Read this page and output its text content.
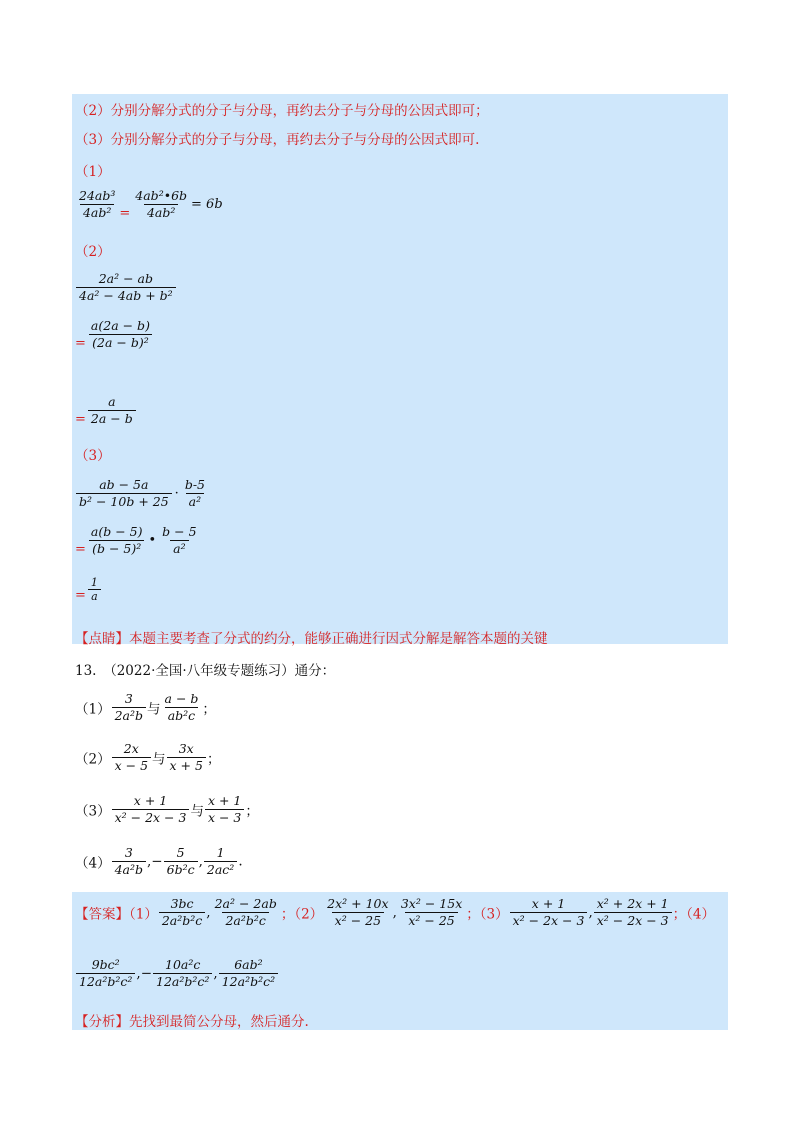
（2）分别分解分式的分子与分母，再约去分子与分母的公因式即可；
（3）分别分解分式的分子与分母，再约去分子与分母的公因式即可.
（1）
$\frac{\text{24ab³}}{\text{4ab²}} = \frac{\text{4ab²•6b}}{\text{4ab²}} = 6b$
（2）
$\frac{\text{2a² − ab}}{\text{4a² − 4ab + b²}}$
= $\frac{a(2a - b)}{\text{(2a − b)²}}$
= $\frac{a}{2a - b}$
（3）
$\frac{ab - 5a}{\text{b² − 10b + 25}} \cdot \frac{b-5}{\text{a²}}$
= $\frac{a(b - 5)}{\text{(b − 5)²}}$ • $\frac{b - 5}{\text{a²}}$
= $\frac{1}{a}$
【点睛】本题主要考查了分式的约分，能够正确进行因式分解是解答本题的关键
13.　（2022·全国·八年级专题练习）通分：
$(1) \frac{3}{\text{2a²b}}$ 与 $\frac{a - b}{\text{ab²c}}$ ；
$(2) \frac{2x}{x - 5}$ 与 $\frac{3x}{x + 5}$ ；
$(3) \frac{x + 1}{\text{x² − 2x − 3}}$ 与 $\frac{x + 1}{x - 3}$ ；
$(4) \frac{3}{\text{4a²b}}$ ,− $\frac{5}{\text{6b²c}}$ , $\frac{1}{\text{2ac²}}$ .
【答案】$(1) \frac{3bc}{\text{2a²b²c}}$ , $\frac{\text{2a² − 2ab}}{\text{2a²b²c}}$ ；$(2) \frac{\text{2x² + 10x}}{\text{x² − 25}}$ , $\frac{\text{3x² − 15x}}{\text{x² − 25}}$ ；$(3) \frac{x + 1}{\text{x² − 2x − 3}}$ , $\frac{\text{x² + 2x + 1}}{\text{x² − 2x − 3}}$ ；（4）
$\frac{\text{9bc²}}{\text{12a²b²c²}}$ ,− $\frac{\text{10a²c}}{\text{12a²b²c²}}$ , $\frac{\text{6ab²}}{\text{12a²b²c²}}$
【分析】先找到最简公分母，然后通分.
